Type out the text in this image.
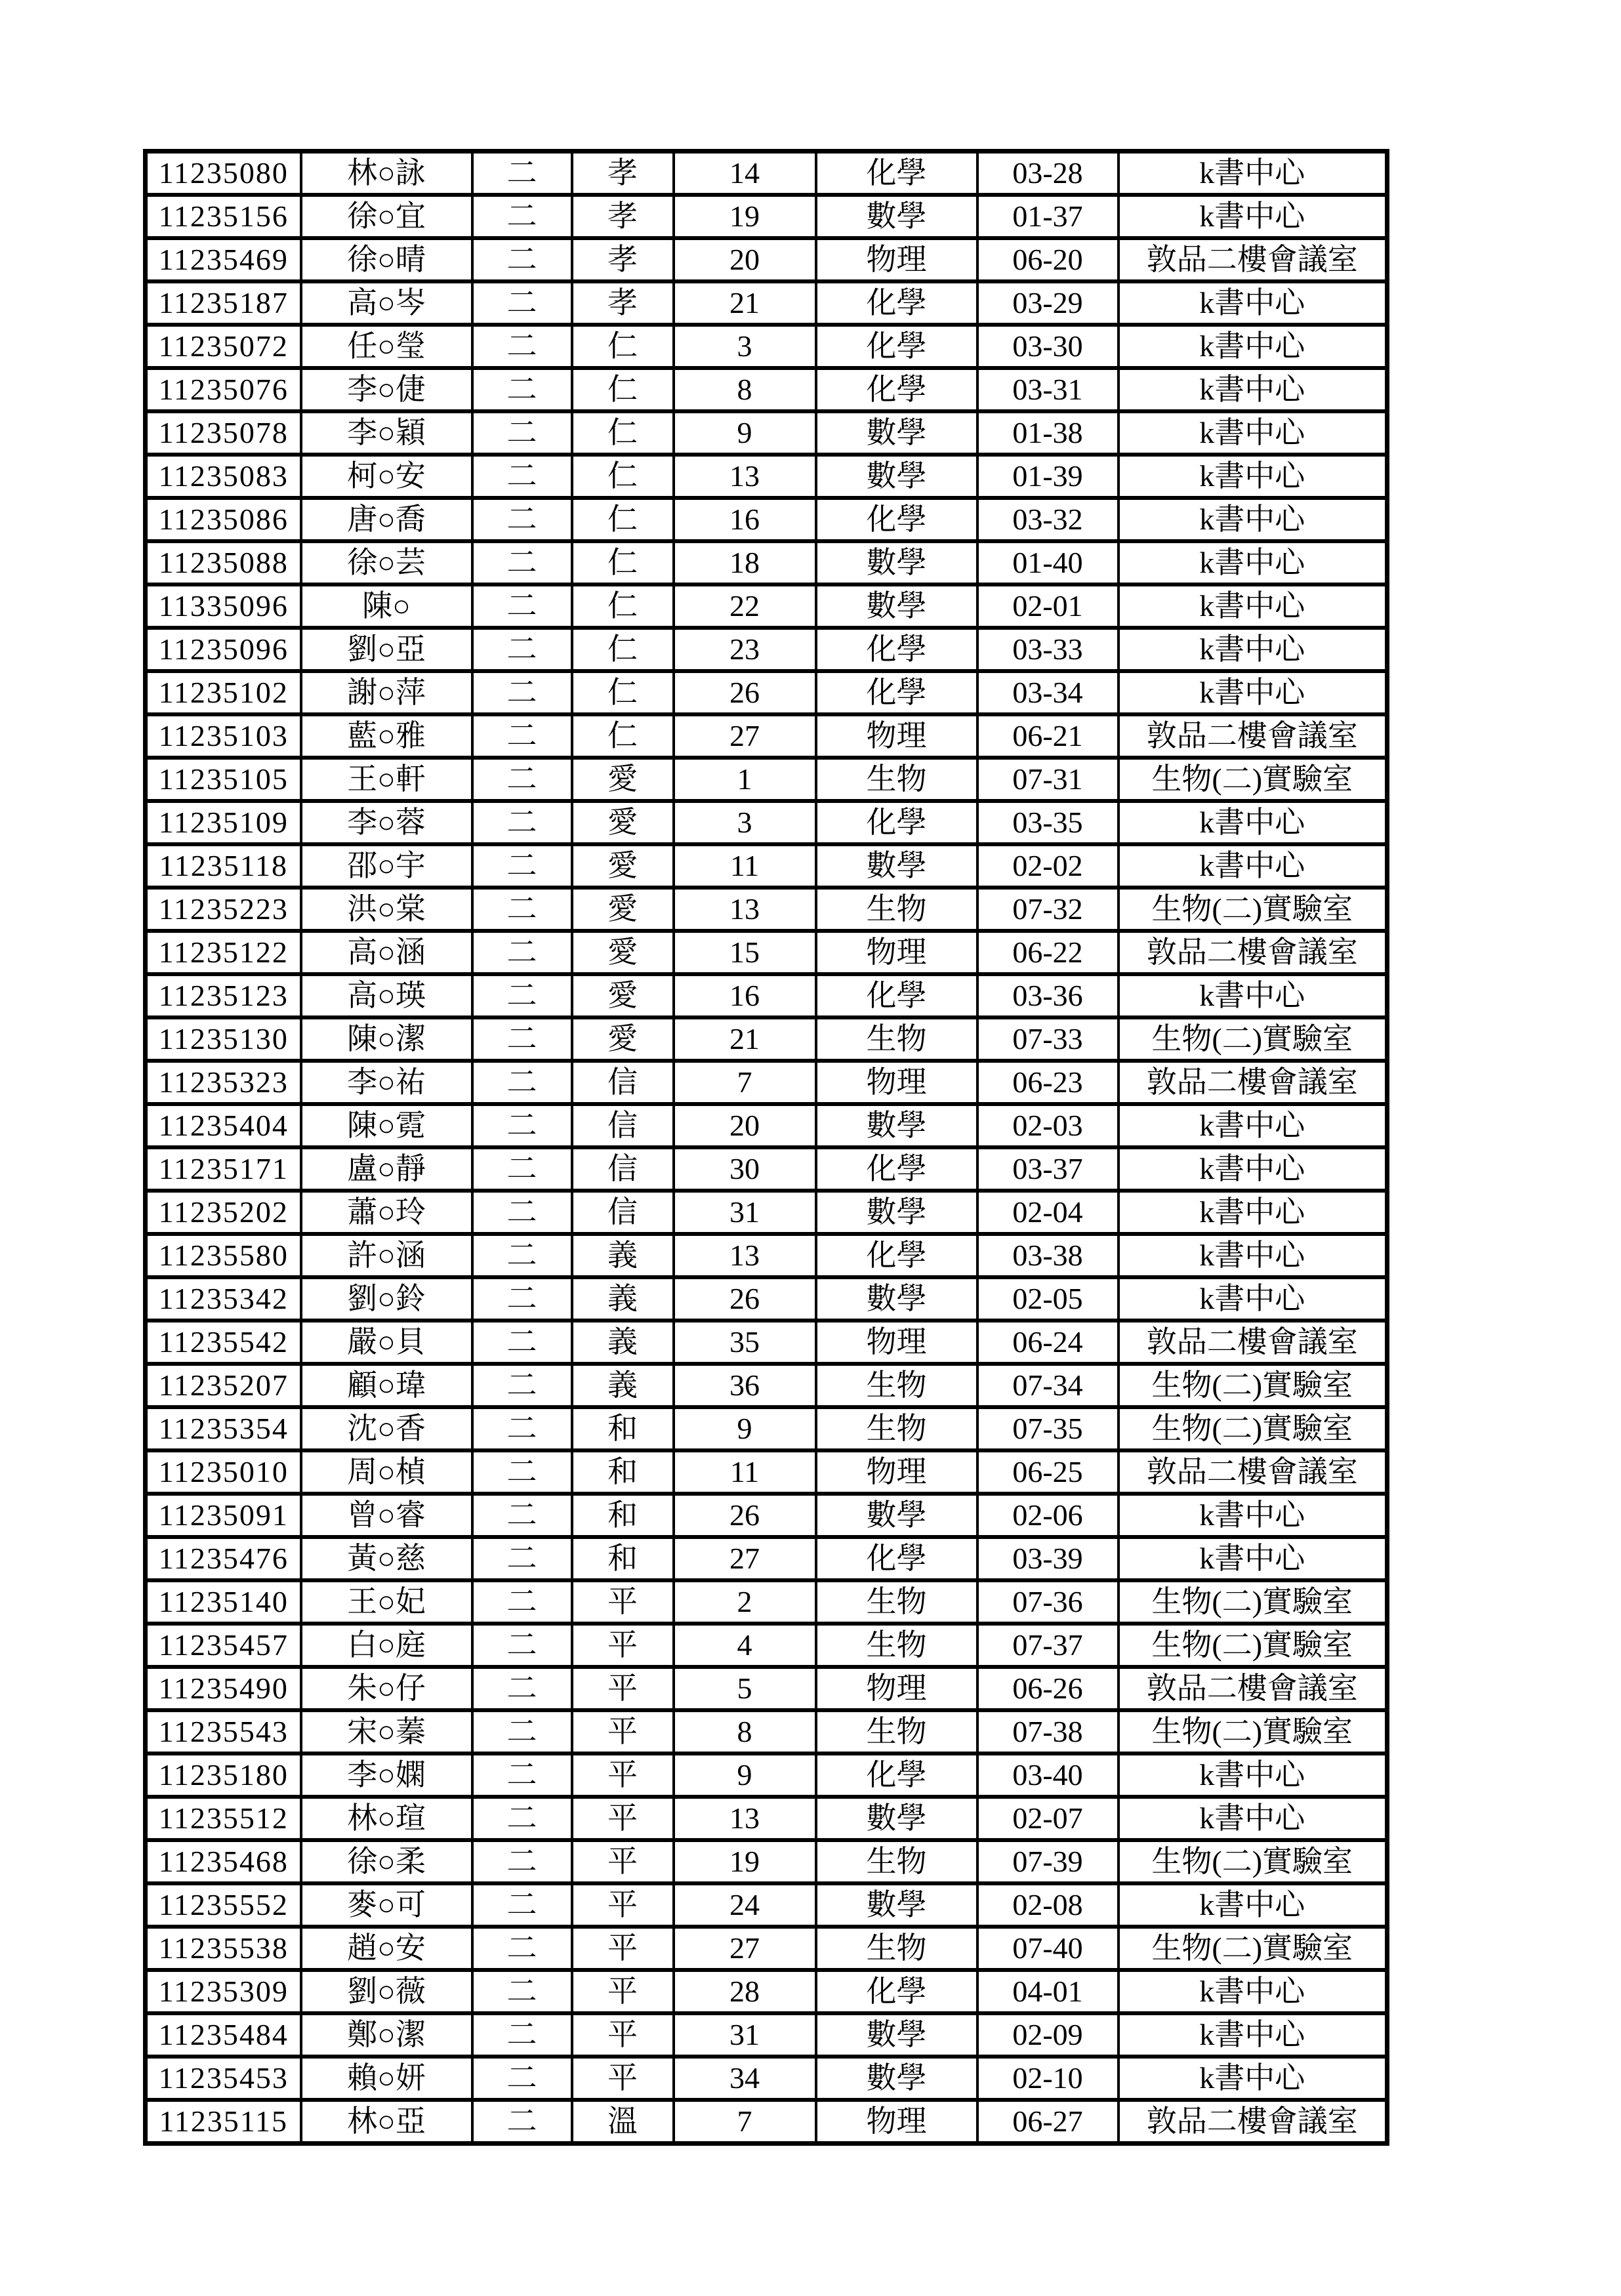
11235080	林○詠	二	孝	14	化學	03-28	k書中心
11235156	徐○宜	二	孝	19	數學	01-37	k書中心
11235469	徐○晴	二	孝	20	物理	06-20	敦品二樓會議室
11235187	高○岑	二	孝	21	化學	03-29	k書中心
11235072	任○瑩	二	仁	3	化學	03-30	k書中心
11235076	李○倢	二	仁	8	化學	03-31	k書中心
11235078	李○穎	二	仁	9	數學	01-38	k書中心
11235083	柯○安	二	仁	13	數學	01-39	k書中心
11235086	唐○喬	二	仁	16	化學	03-32	k書中心
11235088	徐○芸	二	仁	18	數學	01-40	k書中心
11335096	陳○	二	仁	22	數學	02-01	k書中心
11235096	劉○亞	二	仁	23	化學	03-33	k書中心
11235102	謝○萍	二	仁	26	化學	03-34	k書中心
11235103	藍○雅	二	仁	27	物理	06-21	敦品二樓會議室
11235105	王○軒	二	愛	1	生物	07-31	生物(二)實驗室
11235109	李○蓉	二	愛	3	化學	03-35	k書中心
11235118	邵○宇	二	愛	11	數學	02-02	k書中心
11235223	洪○棠	二	愛	13	生物	07-32	生物(二)實驗室
11235122	高○涵	二	愛	15	物理	06-22	敦品二樓會議室
11235123	高○瑛	二	愛	16	化學	03-36	k書中心
11235130	陳○潔	二	愛	21	生物	07-33	生物(二)實驗室
11235323	李○祐	二	信	7	物理	06-23	敦品二樓會議室
11235404	陳○霓	二	信	20	數學	02-03	k書中心
11235171	盧○靜	二	信	30	化學	03-37	k書中心
11235202	蕭○玲	二	信	31	數學	02-04	k書中心
11235580	許○涵	二	義	13	化學	03-38	k書中心
11235342	劉○鈴	二	義	26	數學	02-05	k書中心
11235542	嚴○貝	二	義	35	物理	06-24	敦品二樓會議室
11235207	顧○瑋	二	義	36	生物	07-34	生物(二)實驗室
11235354	沈○香	二	和	9	生物	07-35	生物(二)實驗室
11235010	周○楨	二	和	11	物理	06-25	敦品二樓會議室
11235091	曾○睿	二	和	26	數學	02-06	k書中心
11235476	黃○慈	二	和	27	化學	03-39	k書中心
11235140	王○妃	二	平	2	生物	07-36	生物(二)實驗室
11235457	白○庭	二	平	4	生物	07-37	生物(二)實驗室
11235490	朱○仔	二	平	5	物理	06-26	敦品二樓會議室
11235543	宋○蓁	二	平	8	生物	07-38	生物(二)實驗室
11235180	李○嫻	二	平	9	化學	03-40	k書中心
11235512	林○瑄	二	平	13	數學	02-07	k書中心
11235468	徐○柔	二	平	19	生物	07-39	生物(二)實驗室
11235552	麥○可	二	平	24	數學	02-08	k書中心
11235538	趙○安	二	平	27	生物	07-40	生物(二)實驗室
11235309	劉○薇	二	平	28	化學	04-01	k書中心
11235484	鄭○潔	二	平	31	數學	02-09	k書中心
11235453	賴○妍	二	平	34	數學	02-10	k書中心
11235115	林○亞	二	溫	7	物理	06-27	敦品二樓會議室
